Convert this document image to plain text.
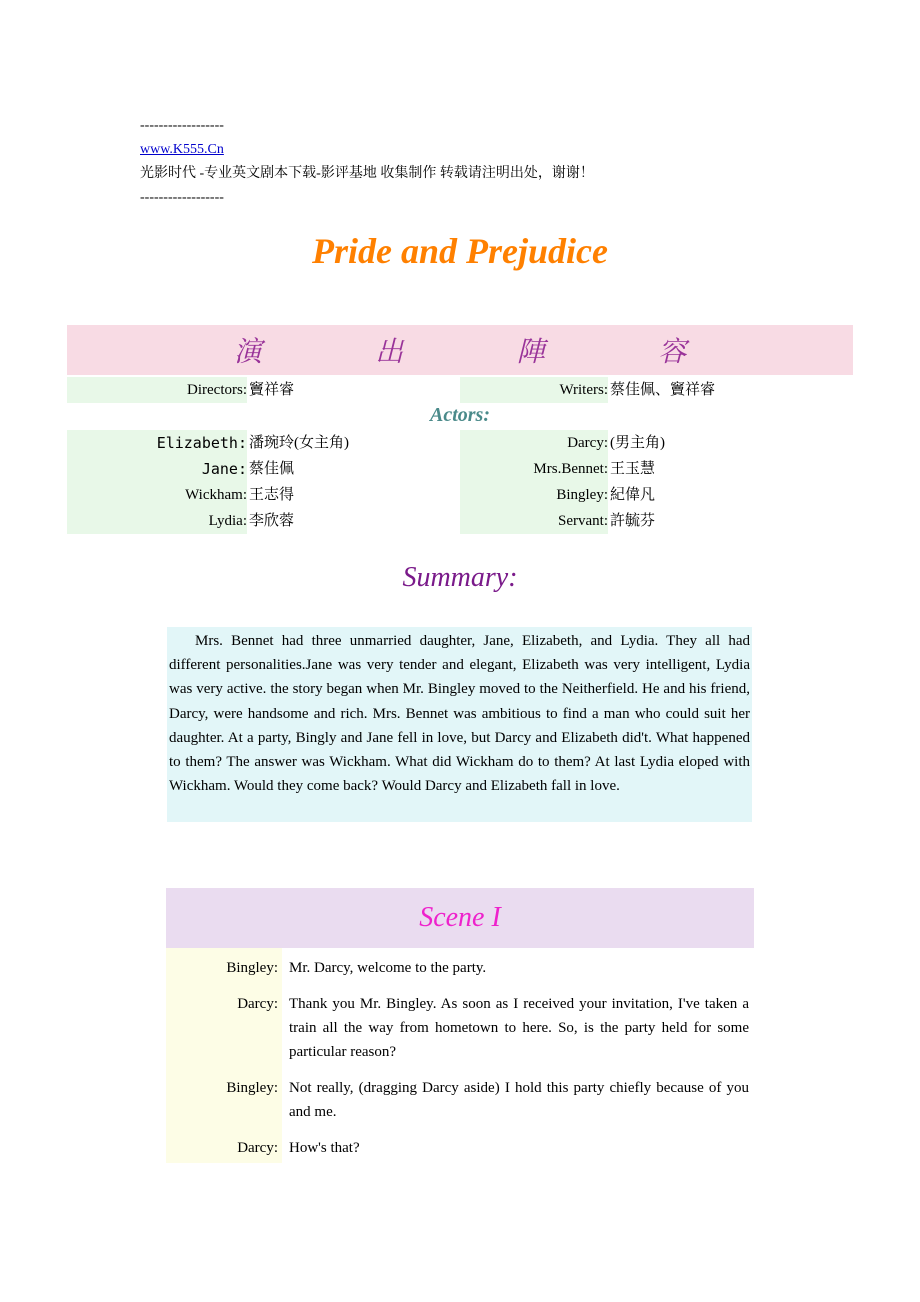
------------------
www.K555.Cn
光影时代 -专业英文剧本下载-影评基地 收集制作 转载请注明出处，谢谢！
------------------
Pride and Prejudice
演	出	陣	容
Directors: 竇祥睿	Writers: 蔡佳佩、竇祥睿
Actors:
Elizabeth: 潘琬玲(女主角)	Darcy: (男主角)
Jane: 蔡佳佩	Mrs.Bennet: 王玉慧
Wickham: 王志得	Bingley: 紀偉凡
Lydia: 李欣蓉	Servant: 許毓芬
Summary:
Mrs. Bennet had three unmarried daughter, Jane, Elizabeth, and Lydia. They all had different personalities.Jane was very tender and elegant, Elizabeth was very intelligent, Lydia was very active. the story began when Mr. Bingley moved to the Neitherfield. He and his friend, Darcy, were handsome and rich. Mrs. Bennet was ambitious to find a man who could suit her daughter. At a party, Bingly and Jane fell in love, but Darcy and Elizabeth did't. What happened to them? The answer was Wickham. What did Wickham do to them? At last Lydia eloped with Wickham. Would they come back? Would Darcy and Elizabeth fall in love.
Scene I
Bingley: Mr. Darcy, welcome to the party.
Darcy: Thank you Mr. Bingley. As soon as I received your invitation, I've taken a train all the way from hometown to here. So, is the party held for some particular reason?
Bingley: Not really, (dragging Darcy aside) I hold this party chiefly because of you and me.
Darcy: How's that?
